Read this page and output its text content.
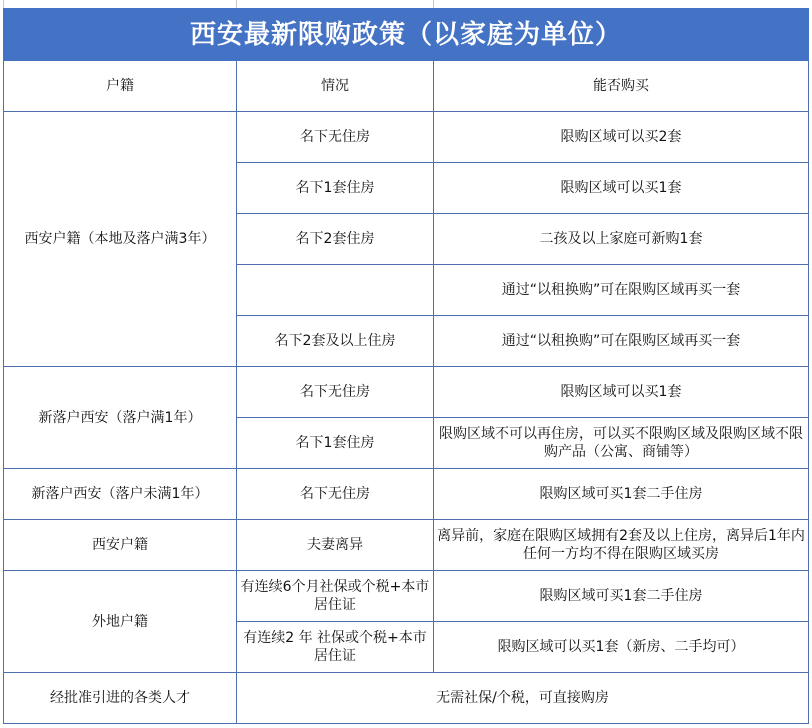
西安最新限购政策（以家庭为单位）		
户籍	情况	能否购买
西安户籍（本地及落户满3年）	名下无住房	限购区域可以买2套
	名下1套住房	限购区域可以买1套
	名下2套住房	二孩及以上家庭可新购1套
		通过“以租换购”可在限购区域再买一套
	名下2套及以上住房	通过“以租换购”可在限购区域再买一套
新落户西安（落户满1年）	名下无住房	限购区域可以买1套
	名下1套住房	限购区域不可以再住房，可以买不限购区域及限购区域不限购产品（公寓、商铺等）
新落户西安（落户未满1年）	名下无住房	限购区域可买1套二手住房
西安户籍	夫妻离异	离异前，家庭在限购区域拥有2套及以上住房，离异后1年内任何一方均不得在限购区域买房
外地户籍	有连续6个月社保或个税+本市居住证	限购区域可买1套二手住房
	有连续2 年 社保或个税+本市居住证	限购区域可以买1套（新房、二手均可）
经批准引进的各类人才	无需社保/个税，可直接购房	
